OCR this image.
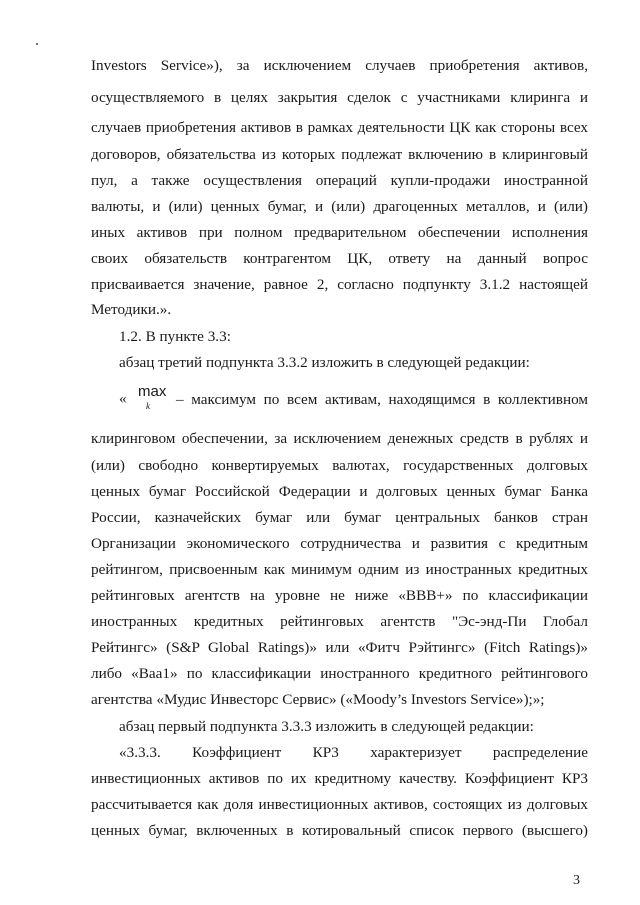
Investors Service»), за исключением случаев приобретения активов,
осуществляемого в целях закрытия сделок с участниками клиринга и
случаев приобретения активов в рамках деятельности ЦК как стороны всех
договоров, обязательства из которых подлежат включению в клиринговый
пул, а также осуществления операций купли-продажи иностранной
валюты, и (или) ценных бумаг, и (или) драгоценных металлов, и (или)
иных активов при полном предварительном обеспечении исполнения
своих обязательств контрагентом ЦК, ответу на данный вопрос
присваивается значение, равное 2, согласно подпункту 3.1.2 настоящей
Методики.».
1.2. В пункте 3.3:
абзац третий подпункта 3.3.2 изложить в следующей редакции:
– максимум по всем активам, находящимся в коллективном
клиринговом обеспечении, за исключением денежных средств в рублях и
(или) свободно конвертируемых валютах, государственных долговых
ценных бумаг Российской Федерации и долговых ценных бумаг Банка
России, казначейских бумаг или бумаг центральных банков стран
Организации экономического сотрудничества и развития с кредитным
рейтингом, присвоенным как минимум одним из иностранных кредитных
рейтинговых агентств на уровне не ниже «BBB+» по классификации
иностранных кредитных рейтинговых агентств "Эс-энд-Пи Глобал
Рейтингс» (S&P Global Ratings)» или «Фитч Рэйтингс» (Fitch Ratings)»
либо «Baa1» по классификации иностранного кредитного рейтингового
агентства «Мудис Инвесторс Сервис» («Moody’s Investors Service»);»;
абзац первый подпункта 3.3.3 изложить в следующей редакции:
«3.3.3. Коэффициент КР3 характеризует распределение
инвестиционных активов по их кредитному качеству. Коэффициент КР3
рассчитывается как доля инвестиционных активов, состоящих из долговых
ценных бумаг, включенных в котировальный список первого (высшего)
« max
k
3
